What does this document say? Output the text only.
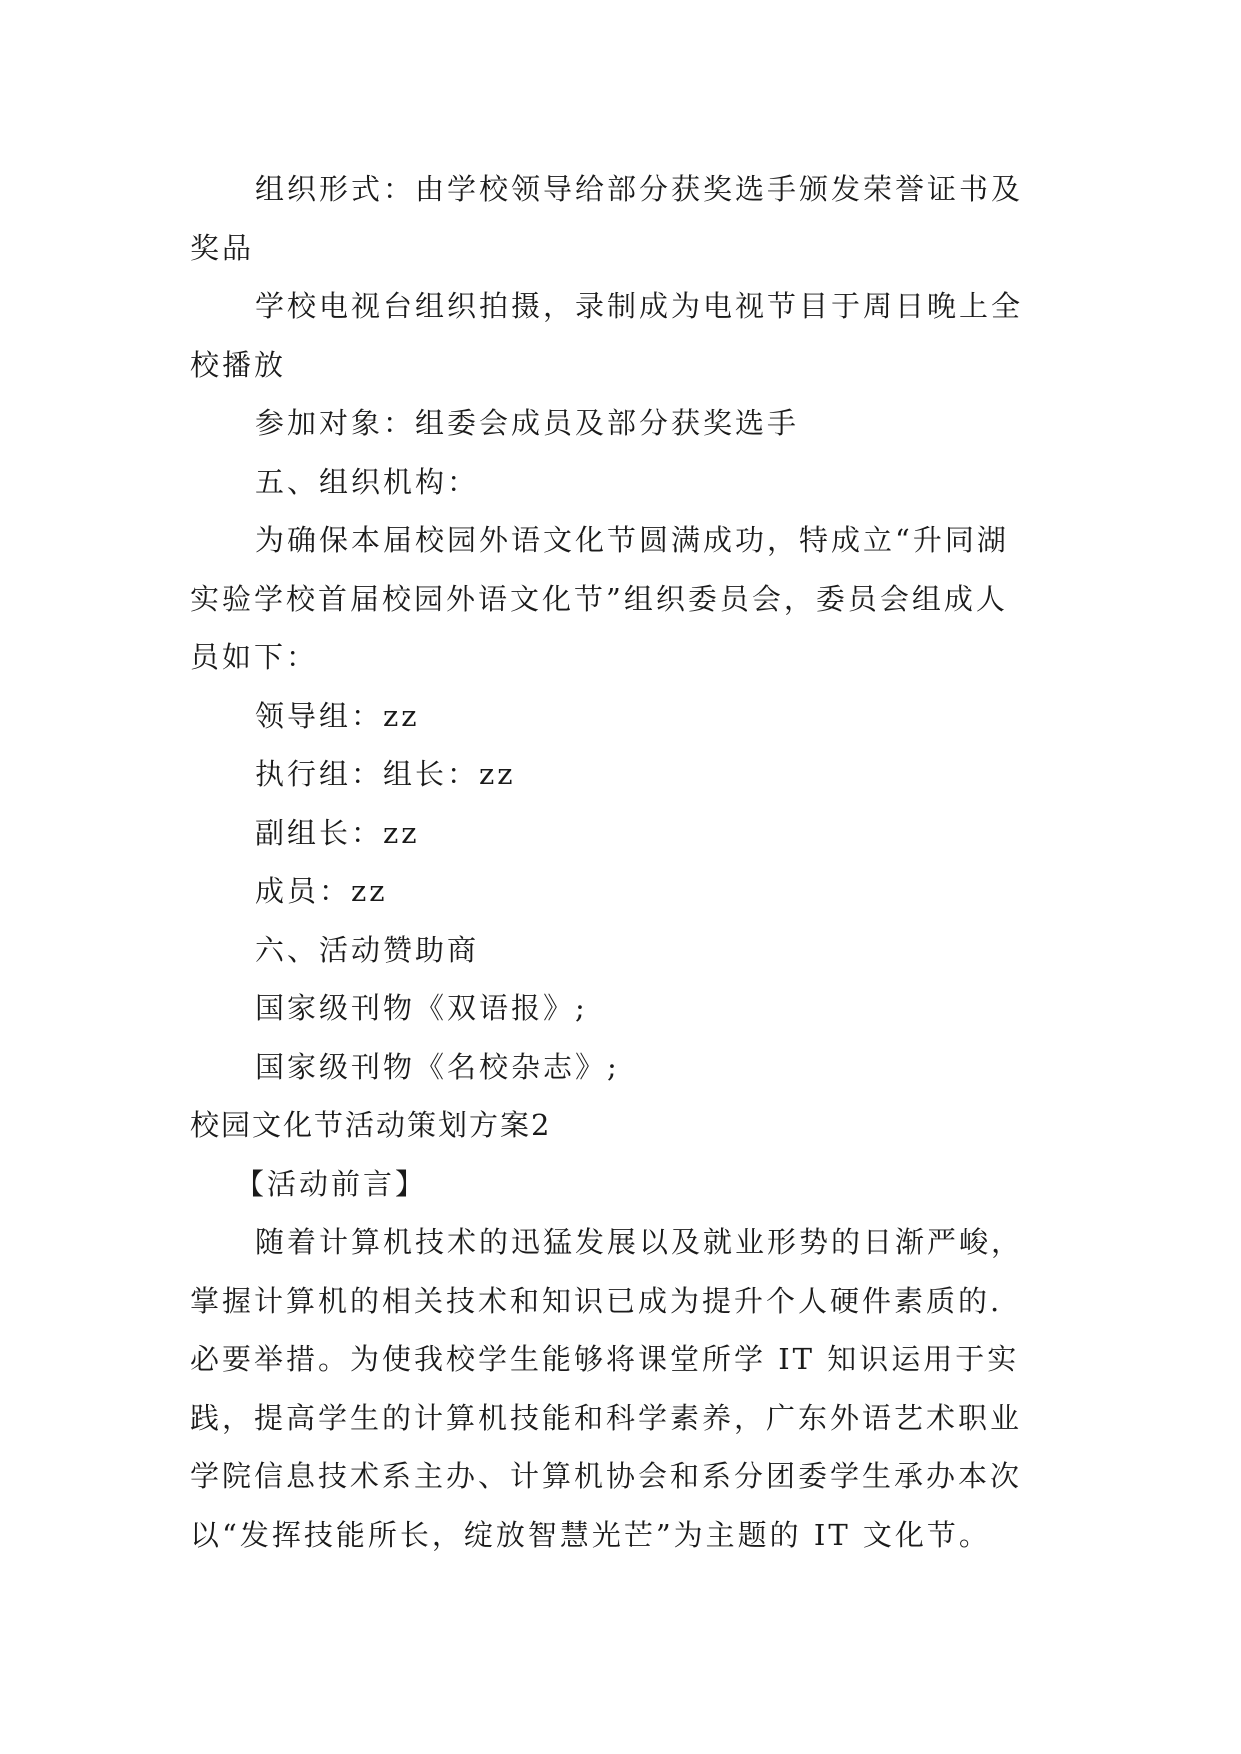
组织形式：由学校领导给部分获奖选手颁发荣誉证书及
奖品
学校电视台组织拍摄，录制成为电视节目于周日晚上全
校播放
参加对象：组委会成员及部分获奖选手
五、组织机构：
为确保本届校园外语文化节圆满成功，特成立“升同湖
实验学校首届校园外语文化节”组织委员会，委员会组成人
员如下：
领导组：zz
执行组：组长：zz
副组长：zz
成员：zz
六、活动赞助商
国家级刊物《双语报》;
国家级刊物《名校杂志》;
校园文化节活动策划方案2
【活动前言】
随着计算机技术的迅猛发展以及就业形势的日渐严峻，
掌握计算机的相关技术和知识已成为提升个人硬件素质的.
必要举措。为使我校学生能够将课堂所学 IT 知识运用于实
践，提高学生的计算机技能和科学素养，广东外语艺术职业
学院信息技术系主办、计算机协会和系分团委学生承办本次
以“发挥技能所长，绽放智慧光芒”为主题的 IT 文化节。
